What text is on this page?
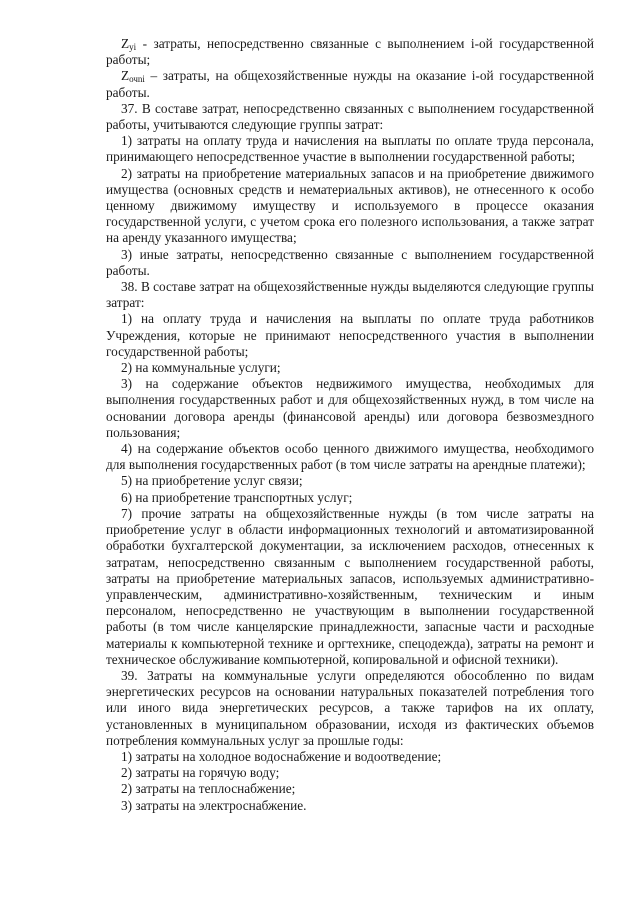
$Z_{yi}$ - затраты, непосредственно связанные с выполнением i-ой государственной работы;

$Z_{очni}$ – затраты, на общехозяйственные нужды на оказание i-ой государственной работы.

37. В составе затрат, непосредственно связанных с выполнением государственной работы, учитываются следующие группы затрат:

1) затраты на оплату труда и начисления на выплаты по оплате труда персонала, принимающего непосредственное участие в выполнении государственной работы;

2) затраты на приобретение материальных запасов и на приобретение движимого имущества (основных средств и нематериальных активов), не отнесенного к особо ценному движимому имуществу и используемого в процессе оказания государственной услуги, с учетом срока его полезного использования, а также затрат на аренду указанного имущества;

3) иные затраты, непосредственно связанные с выполнением государственной работы.

38. В составе затрат на общехозяйственные нужды выделяются следующие группы затрат:

1) на оплату труда и начисления на выплаты по оплате труда работников Учреждения, которые не принимают непосредственного участия в выполнении государственной работы;

2) на коммунальные услуги;

3) на содержание объектов недвижимого имущества, необходимых для выполнения государственных работ и для общехозяйственных нужд, в том числе на основании договора аренды (финансовой аренды) или договора безвозмездного пользования;

4) на содержание объектов особо ценного движимого имущества, необходимого для выполнения государственных работ (в том числе затраты на арендные платежи);

5) на приобретение услуг связи;

6) на приобретение транспортных услуг;

7) прочие затраты на общехозяйственные нужды (в том числе затраты на приобретение услуг в области информационных технологий и автоматизированной обработки бухгалтерской документации, за исключением расходов, отнесенных к затратам, непосредственно связанным с выполнением государственной работы, затраты на приобретение материальных запасов, используемых административно-управленческим, административно-хозяйственным, техническим и иным персоналом, непосредственно не участвующим в выполнении государственной работы (в том числе канцелярские принадлежности, запасные части и расходные материалы к компьютерной технике и оргтехнике, спецодежда), затраты на ремонт и техническое обслуживание компьютерной, копировальной и офисной техники).

39. Затраты на коммунальные услуги определяются обособленно по видам энергетических ресурсов на основании натуральных показателей потребления того или иного вида энергетических ресурсов, а также тарифов на их оплату, установленных в муниципальном образовании, исходя из фактических объемов потребления коммунальных услуг за прошлые годы:

1) затраты на холодное водоснабжение и водоотведение;

2) затраты на горячую воду;

2) затраты на теплоснабжение;

3) затраты на электроснабжение.
